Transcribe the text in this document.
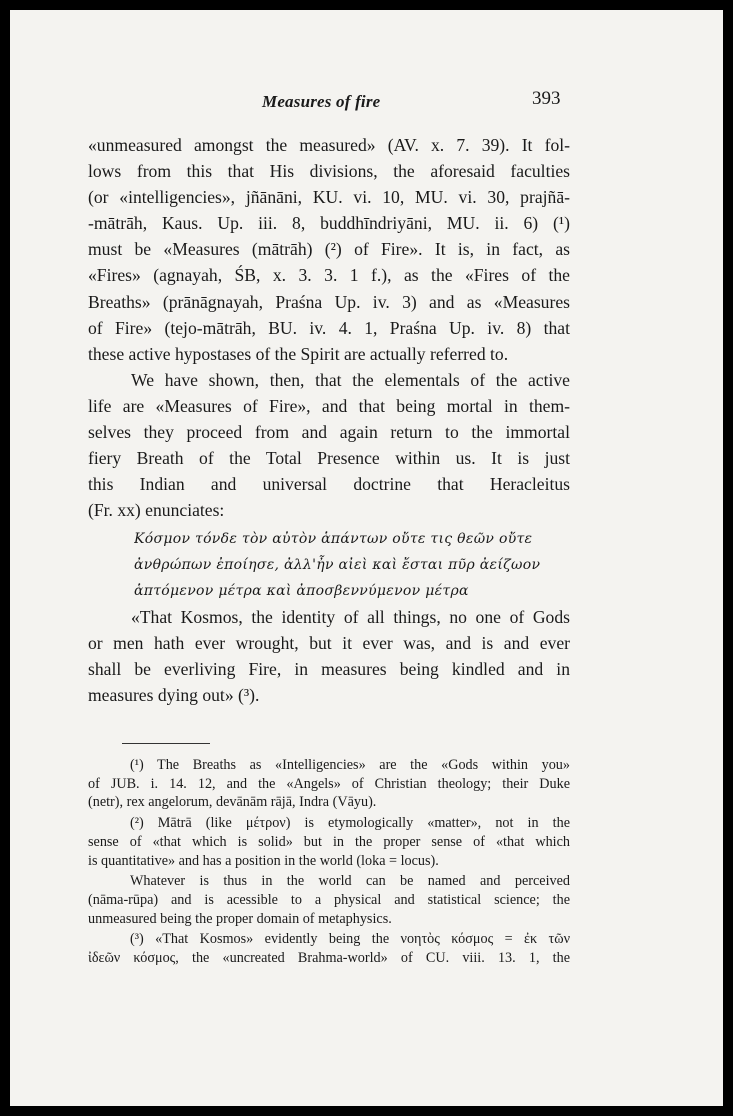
Measures of fire	393
«unmeasured amongst the measured» (AV. x. 7. 39). It fol-
lows from this that His divisions, the aforesaid faculties
(or «intelligencies», jñānāni, KU. vi. 10, MU. vi. 30, prajñā-
-mātrāh, Kaus. Up. iii. 8, buddhīndriyāni, MU. ii. 6) (¹)
must be «Measures (mātrāh) (²) of Fire». It is, in fact, as
«Fires» (agnayah, ŚB, x. 3. 3. 1 f.), as the «Fires of the
Breaths» (prānāgnayah, Praśna Up. iv. 3) and as «Measures
of Fire» (tejo-mātrāh, BU. iv. 4. 1, Praśna Up. iv. 8) that
these active hypostases of the Spirit are actually referred to.
We have shown, then, that the elementals of the active
life are «Measures of Fire», and that being mortal in them-
selves they proceed from and again return to the immortal
fiery Breath of the Total Presence within us. It is just
this Indian and universal doctrine that Heracleitus
(Fr. xx) enunciates:
Κόσμον τόνδε τὸν αὐτὸν ἁπάντων οὔτε τις θεῶν οὔτε
ἀνθρώπων ἐποίησε, ἀλλ'ἦν αἰεὶ καὶ ἔσται πῦρ ἀείζωον
ἁπτόμενον μέτρα καὶ ἀποσβεννύμενον μέτρα
«That Kosmos, the identity of all things, no one of Gods
or men hath ever wrought, but it ever was, and is and ever
shall be everliving Fire, in measures being kindled and in
measures dying out» (³).
(¹) The Breaths as «Intelligencies» are the «Gods within you»
of JUB. i. 14. 12, and the «Angels» of Christian theology; their Duke
(netr), rex angelorum, devānām rājā, Indra (Vāyu).
(²) Mātrā (like μέτρον) is etymologically «matter», not in the
sense of «that which is solid» but in the proper sense of «that which
is quantitative» and has a position in the world (loka = locus).
Whatever is thus in the world can be named and perceived
(nāma-rūpa) and is acessible to a physical and statistical science; the
unmeasured being the proper domain of metaphysics.
(³) «That Kosmos» evidently being the νοητὸς κόσμος = ἐκ τῶν
ἰδεῶν κόσμος, the «uncreated Brahma-world» of CU. viii. 13. 1, the
